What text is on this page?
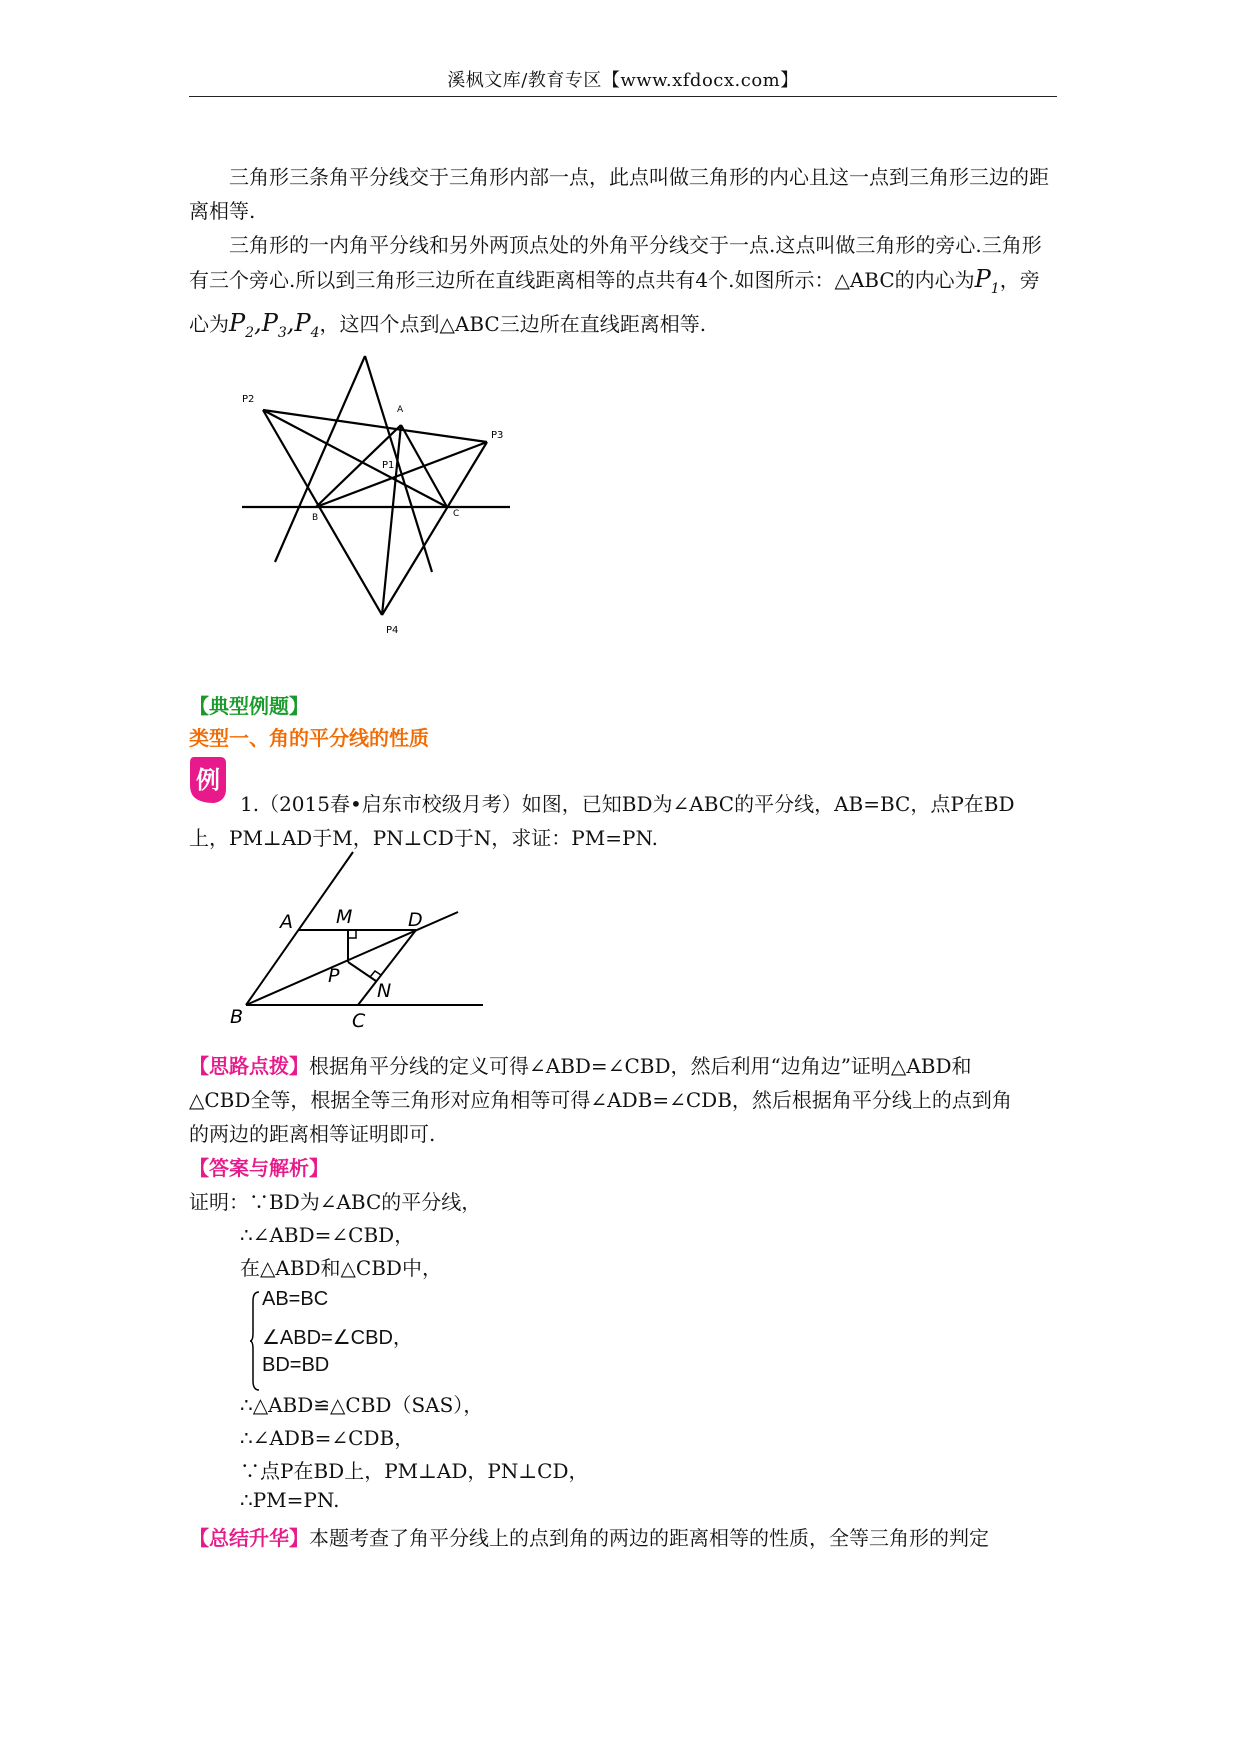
溪枫文库/教育专区【www.xfdocx.com】

三角形三条角平分线交于三角形内部一点，此点叫做三角形的内心且这一点到三角形三边的距离相等.

三角形的一内角平分线和另外两顶点处的外角平分线交于一点.这点叫做三角形的旁心.三角形有三个旁心.所以到三角形三边所在直线距离相等的点共有4个.如图所示：△ABC的内心为$P_1$，旁心为$P_2,P_3,P_4$，这四个点到△ABC三边所在直线距离相等.
P2
A
P3
P1
B	C
P4
【典型例题】
类型一、角的平分线的性质
例
1.（2015春•启东市校级月考）如图，已知BD为∠ABC的平分线，AB=BC，点P在BD
上，PM⊥AD于M，PN⊥CD于N，求证：PM=PN.
A M	D
P
N
B	C
【思路点拨】根据角平分线的定义可得∠ABD=∠CBD，然后利用“边角边”证明△ABD和
△CBD全等，根据全等三角形对应角相等可得∠ADB=∠CDB，然后根据角平分线上的点到角
的两边的距离相等证明即可.
【答案与解析】
证明：∵BD为∠ABC的平分线，
∴∠ABD=∠CBD，
在△ABD和△CBD中，
AB=BC
∠ABD=∠CBD，
BD=BD
∴△ABD≌△CBD（SAS），
∴∠ADB=∠CDB，
∵点P在BD上，PM⊥AD，PN⊥CD，
∴PM=PN.
【总结升华】本题考查了角平分线上的点到角的两边的距离相等的性质，全等三角形的判定
